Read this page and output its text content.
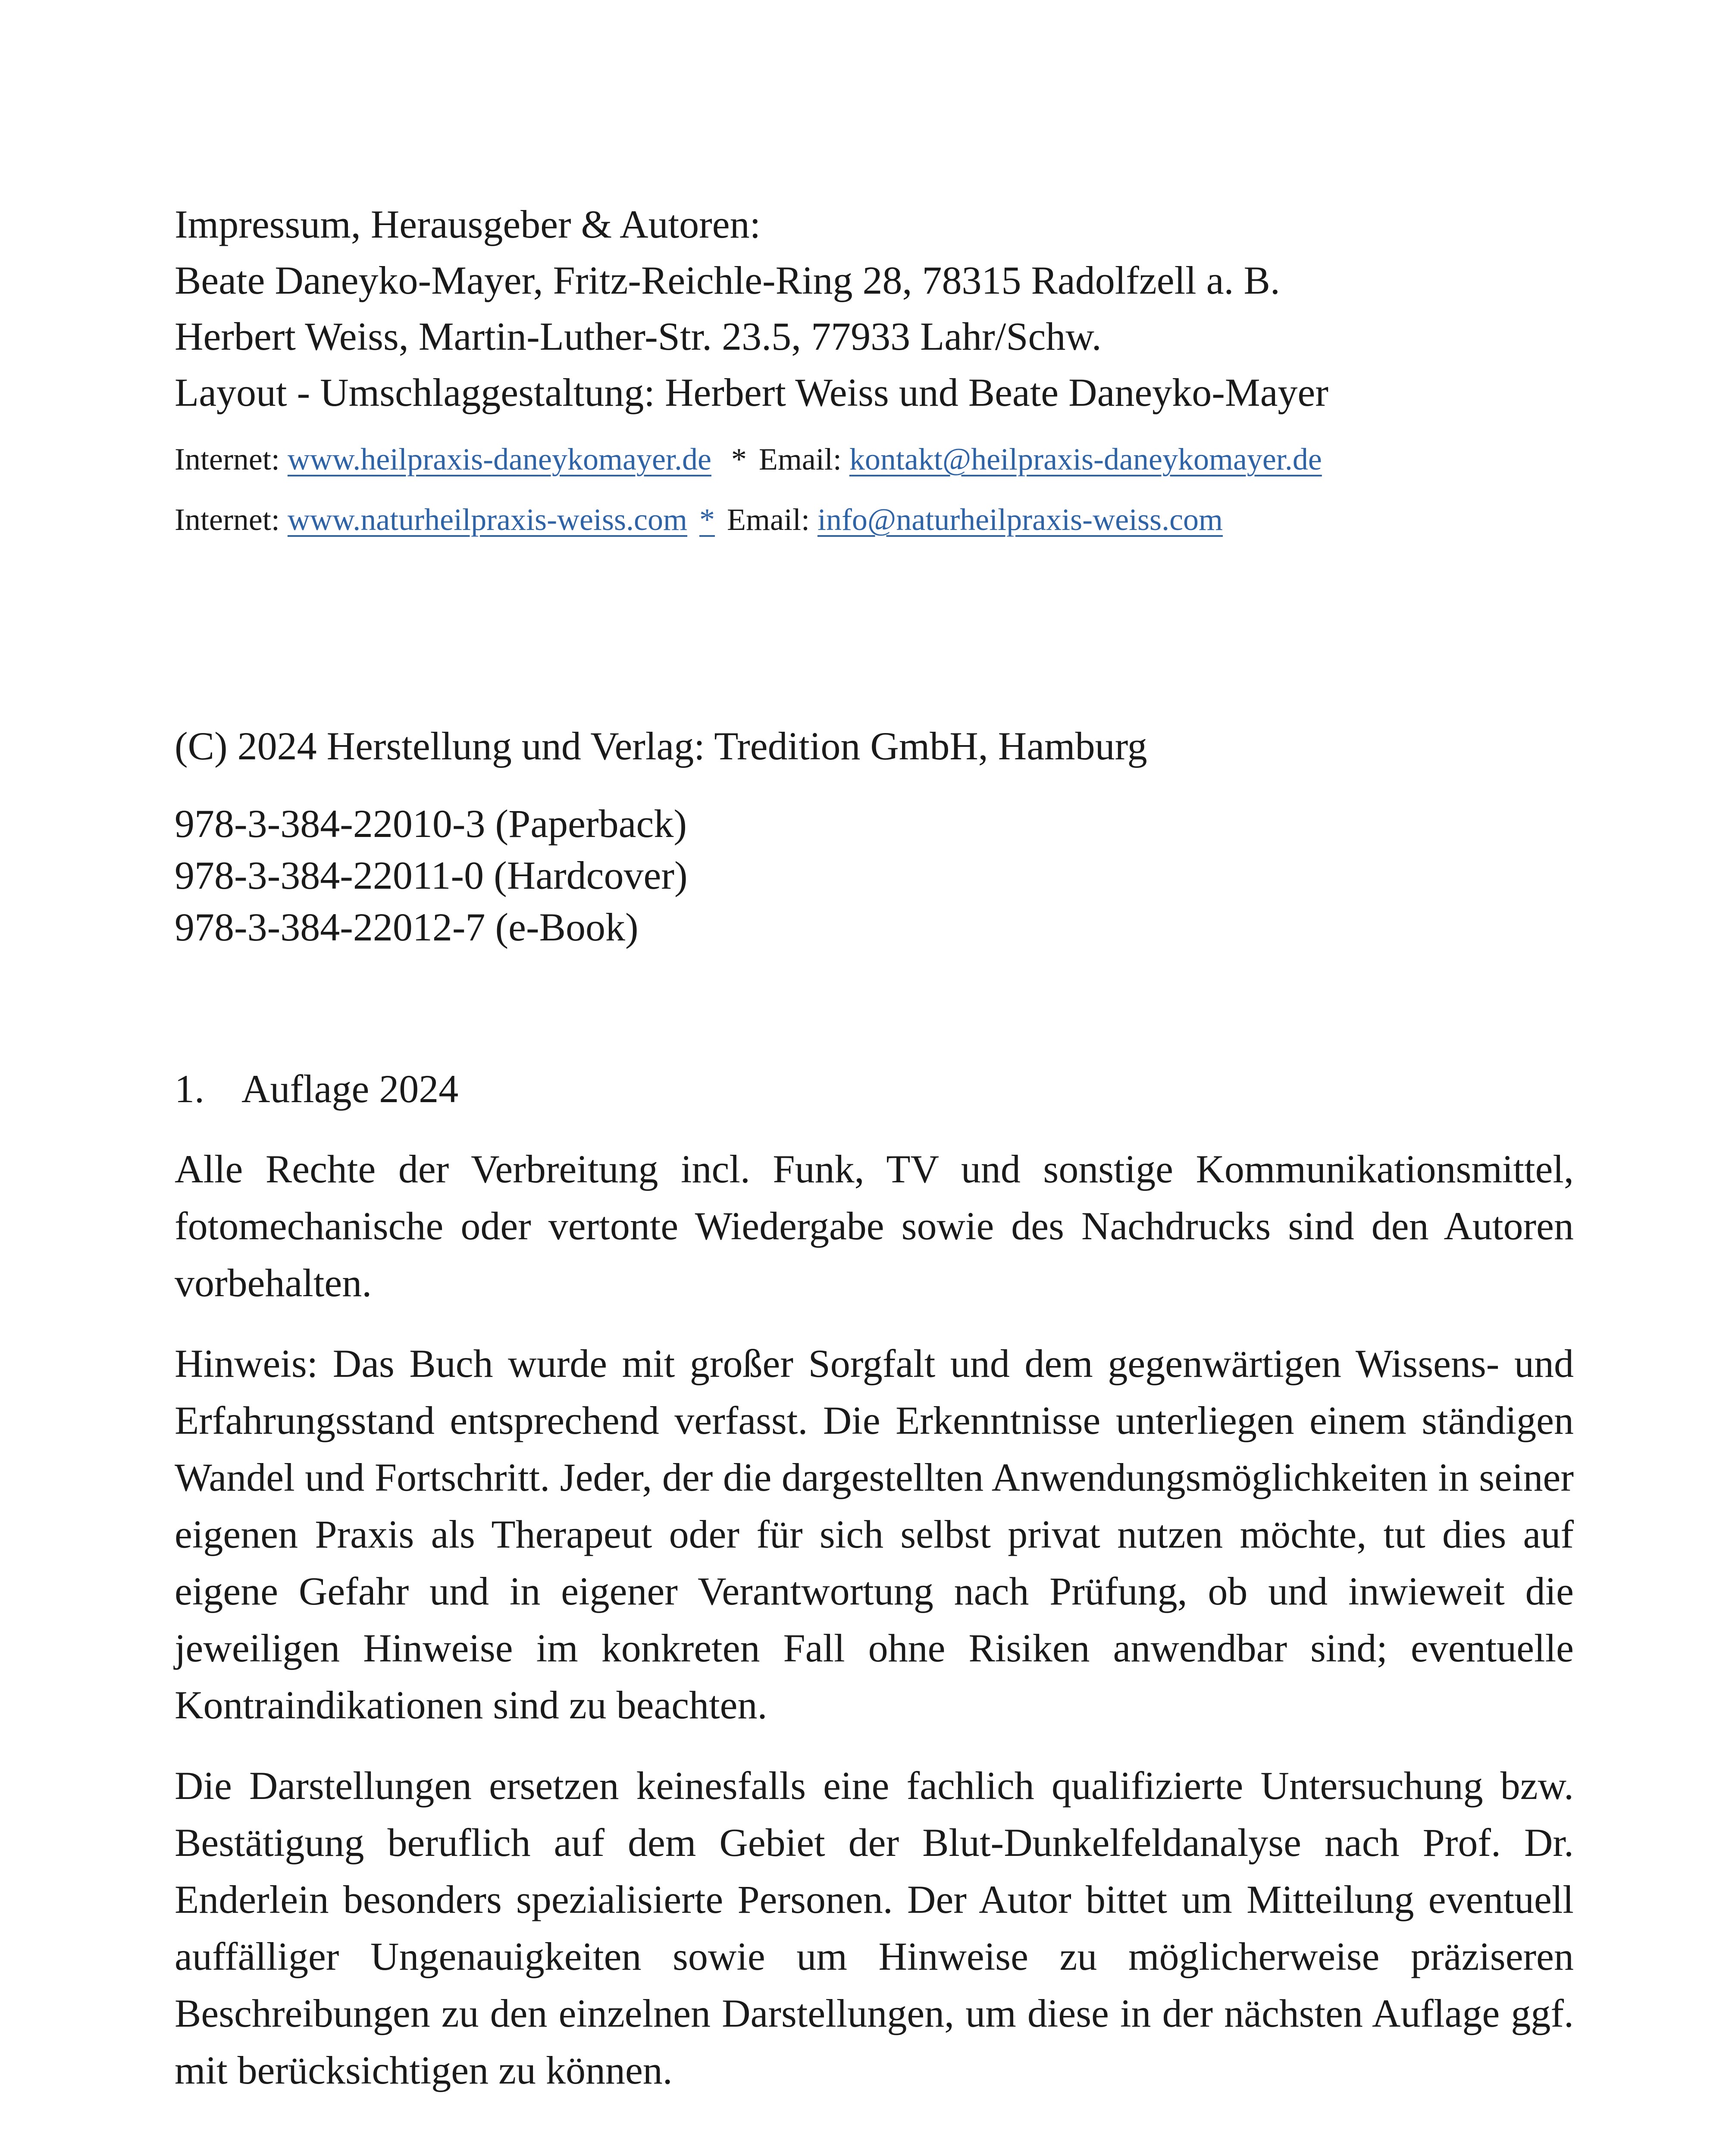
Impressum, Herausgeber & Autoren:
Beate Daneyko-Mayer, Fritz-Reichle-Ring 28, 78315 Radolfzell a. B.
Herbert Weiss, Martin-Luther-Str. 23.5, 77933 Lahr/Schw.
Layout - Umschlaggestaltung: Herbert Weiss und Beate Daneyko-Mayer
Internet: www.heilpraxis-daneykomayer.de * Email: kontakt@heilpraxis-daneykomayer.de
Internet: www.naturheilpraxis-weiss.com * Email: info@naturheilpraxis-weiss.com
(C) 2024 Herstellung und Verlag: Tredition GmbH, Hamburg
978-3-384-22010-3 (Paperback)
978-3-384-22011-0 (Hardcover)
978-3-384-22012-7 (e-Book)
1. Auflage 2024
Alle Rechte der Verbreitung incl. Funk, TV und sonstige Kommunikationsmittel, fotomechanische oder vertonte Wiedergabe sowie des Nachdrucks sind den Autoren vorbehalten.
Hinweis: Das Buch wurde mit großer Sorgfalt und dem gegenwärtigen Wissens- und Erfahrungsstand entsprechend verfasst. Die Erkenntnisse unterliegen einem ständigen Wandel und Fortschritt. Jeder, der die dargestellten Anwendungsmöglichkeiten in seiner eigenen Praxis als Therapeut oder für sich selbst privat nutzen möchte, tut dies auf eigene Gefahr und in eigener Verantwortung nach Prüfung, ob und inwieweit die jeweiligen Hinweise im konkreten Fall ohne Risiken anwendbar sind; eventuelle Kontraindikationen sind zu beachten.
Die Darstellungen ersetzen keinesfalls eine fachlich qualifizierte Untersuchung bzw. Bestätigung beruflich auf dem Gebiet der Blut-Dunkelfeldanalyse nach Prof. Dr. Enderlein besonders spezialisierte Personen. Der Autor bittet um Mitteilung eventuell auffälliger Ungenauigkeiten sowie um Hinweise zu möglicherweise präziseren Beschreibungen zu den einzelnen Darstellungen, um diese in der nächsten Auflage ggf. mit berücksichtigen zu können.
